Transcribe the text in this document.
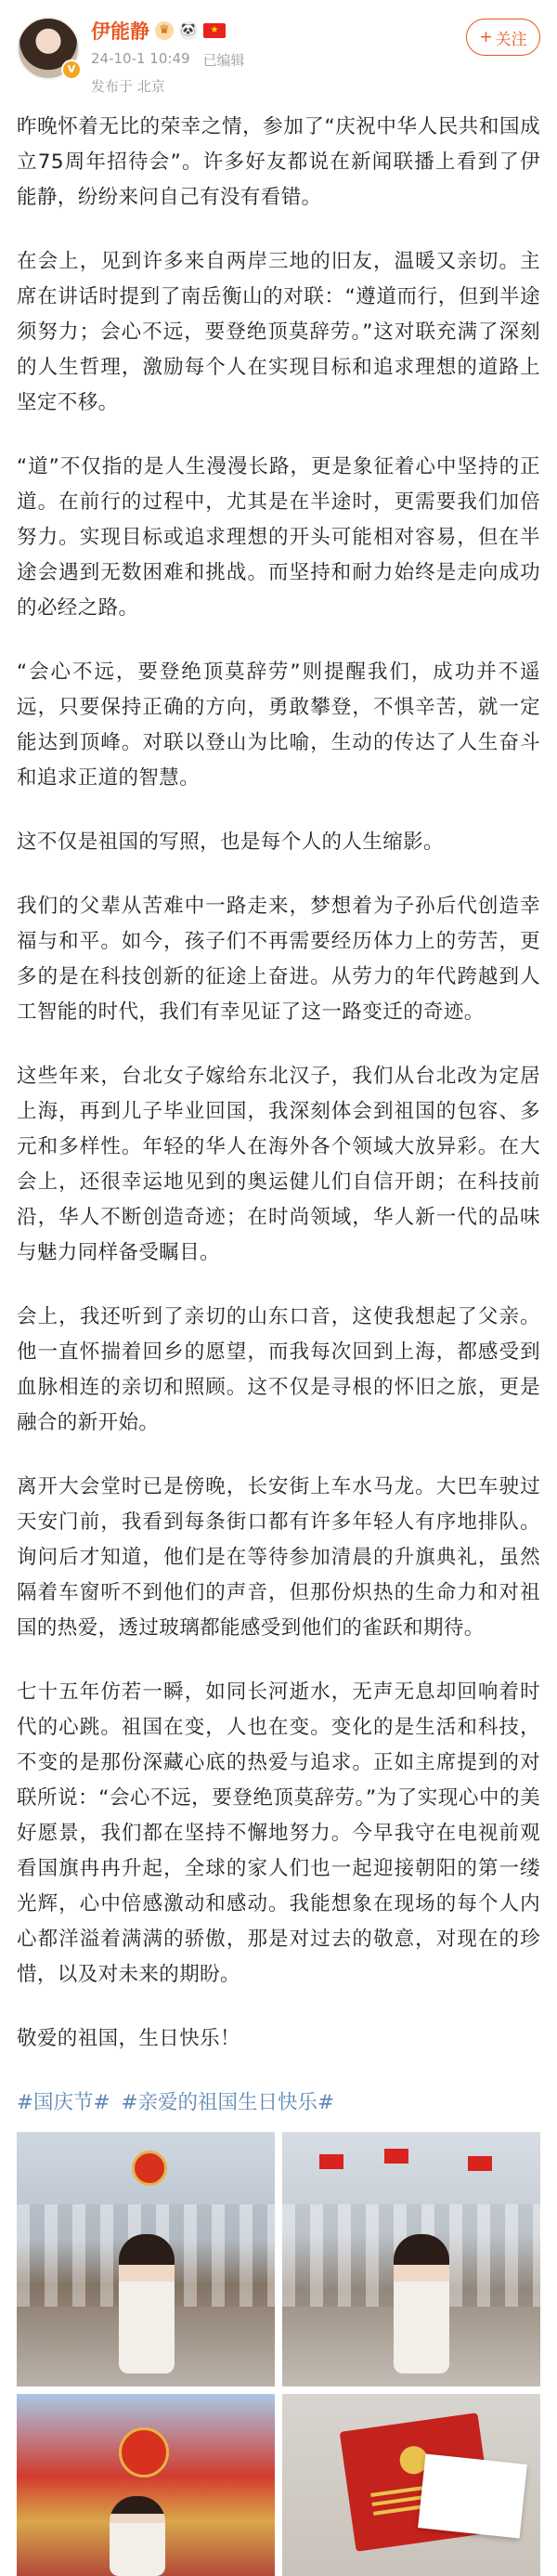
V
伊能静 ♛ 🐼	★
24-10-1 10:49 已编辑
发布于 北京
+ 关注

昨晚怀着无比的荣幸之情，参加了“庆祝中华人民共和国成立75周年招待会”。许多好友都说在新闻联播上看到了伊能静，纷纷来问自己有没有看错。

在会上，见到许多来自两岸三地的旧友，温暖又亲切。主席在讲话时提到了南岳衡山的对联：“遵道而行，但到半途须努力；会心不远，要登绝顶莫辞劳。”这对联充满了深刻的人生哲理，激励每个人在实现目标和追求理想的道路上坚定不移。

“道”不仅指的是人生漫漫长路，更是象征着心中坚持的正道。在前行的过程中，尤其是在半途时，更需要我们加倍努力。实现目标或追求理想的开头可能相对容易，但在半途会遇到无数困难和挑战。而坚持和耐力始终是走向成功的必经之路。

“会心不远，要登绝顶莫辞劳”则提醒我们，成功并不遥远，只要保持正确的方向，勇敢攀登，不惧辛苦，就一定能达到顶峰。对联以登山为比喻，生动的传达了人生奋斗和追求正道的智慧。

这不仅是祖国的写照，也是每个人的人生缩影。

我们的父辈从苦难中一路走来，梦想着为子孙后代创造幸福与和平。如今，孩子们不再需要经历体力上的劳苦，更多的是在科技创新的征途上奋进。从劳力的年代跨越到人工智能的时代，我们有幸见证了这一路变迁的奇迹。

这些年来，台北女子嫁给东北汉子，我们从台北改为定居上海，再到儿子毕业回国，我深刻体会到祖国的包容、多元和多样性。年轻的华人在海外各个领域大放异彩。在大会上，还很幸运地见到的奥运健儿们自信开朗；在科技前沿，华人不断创造奇迹；在时尚领域，华人新一代的品味与魅力同样备受瞩目。

会上，我还听到了亲切的山东口音，这使我想起了父亲。他一直怀揣着回乡的愿望，而我每次回到上海，都感受到血脉相连的亲切和照顾。这不仅是寻根的怀旧之旅，更是融合的新开始。

离开大会堂时已是傍晚，长安街上车水马龙。大巴车驶过天安门前，我看到每条街口都有许多年轻人有序地排队。询问后才知道，他们是在等待参加清晨的升旗典礼，虽然隔着车窗听不到他们的声音，但那份炽热的生命力和对祖国的热爱，透过玻璃都能感受到他们的雀跃和期待。

七十五年仿若一瞬，如同长河逝水，无声无息却回响着时代的心跳。祖国在变，人也在变。变化的是生活和科技，不变的是那份深藏心底的热爱与追求。正如主席提到的对联所说：“会心不远，要登绝顶莫辞劳。”为了实现心中的美好愿景，我们都在坚持不懈地努力。今早我守在电视前观看国旗冉冉升起，全球的家人们也一起迎接朝阳的第一缕光辉，心中倍感激动和感动。我能想象在现场的每个人内心都洋溢着满满的骄傲，那是对过去的敬意，对现在的珍惜，以及对未来的期盼。

敬爱的祖国，生日快乐！

#国庆节# #亲爱的祖国生日快乐#
